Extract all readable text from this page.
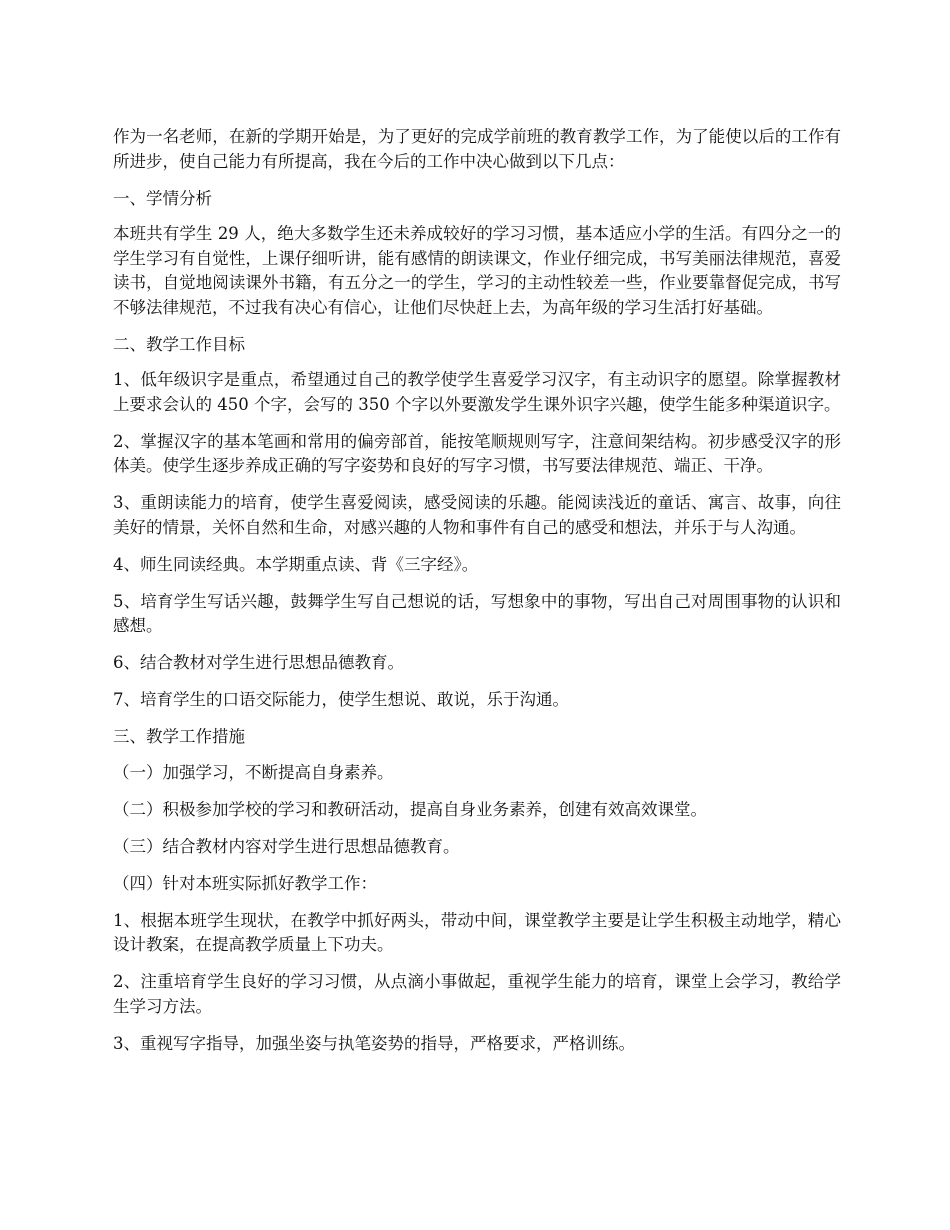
作为一名老师，在新的学期开始是，为了更好的完成学前班的教育教学工作，为了能使以后的工作有所进步，使自己能力有所提高，我在今后的工作中决心做到以下几点：

一、学情分析

本班共有学生 29 人，绝大多数学生还未养成较好的学习习惯，基本适应小学的生活。有四分之一的学生学习有自觉性，上课仔细听讲，能有感情的朗读课文，作业仔细完成，书写美丽法律规范，喜爱读书，自觉地阅读课外书籍，有五分之一的学生，学习的主动性较差一些，作业要靠督促完成，书写不够法律规范，不过我有决心有信心，让他们尽快赶上去，为高年级的学习生活打好基础。

二、教学工作目标

1、低年级识字是重点，希望通过自己的教学使学生喜爱学习汉字，有主动识字的愿望。除掌握教材上要求会认的 450 个字，会写的 350 个字以外要激发学生课外识字兴趣，使学生能多种渠道识字。

2、掌握汉字的基本笔画和常用的偏旁部首，能按笔顺规则写字，注意间架结构。初步感受汉字的形体美。使学生逐步养成正确的写字姿势和良好的写字习惯，书写要法律规范、端正、干净。

3、重朗读能力的培育，使学生喜爱阅读，感受阅读的乐趣。能阅读浅近的童话、寓言、故事，向往美好的情景，关怀自然和生命，对感兴趣的人物和事件有自己的感受和想法，并乐于与人沟通。

4、师生同读经典。本学期重点读、背《三字经》。

5、培育学生写话兴趣，鼓舞学生写自己想说的话，写想象中的事物，写出自己对周围事物的认识和感想。

6、结合教材对学生进行思想品德教育。

7、培育学生的口语交际能力，使学生想说、敢说，乐于沟通。

三、教学工作措施

（一）加强学习，不断提高自身素养。

（二）积极参加学校的学习和教研活动，提高自身业务素养，创建有效高效课堂。

（三）结合教材内容对学生进行思想品德教育。

（四）针对本班实际抓好教学工作：

1、根据本班学生现状，在教学中抓好两头，带动中间，课堂教学主要是让学生积极主动地学，精心设计教案，在提高教学质量上下功夫。

2、注重培育学生良好的学习习惯，从点滴小事做起，重视学生能力的培育，课堂上会学习，教给学生学习方法。

3、重视写字指导，加强坐姿与执笔姿势的指导，严格要求，严格训练。
